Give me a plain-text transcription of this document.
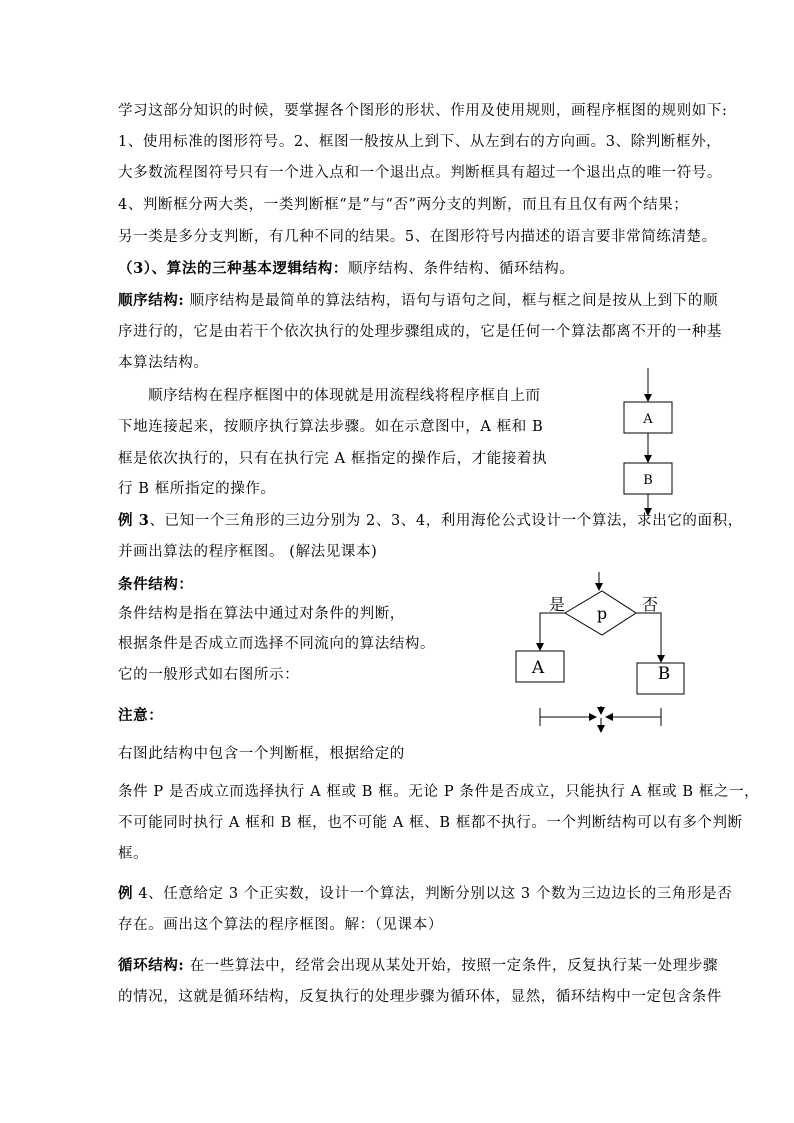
学习这部分知识的时候，要掌握各个图形的形状、作用及使用规则，画程序框图的规则如下:
1、使用标准的图形符号。2、框图一般按从上到下、从左到右的方向画。3、除判断框外，
大多数流程图符号只有一个进入点和一个退出点。判断框具有超过一个退出点的唯一符号。
4、判断框分两大类，一类判断框“是”与“否”两分支的判断，而且有且仅有两个结果；
另一类是多分支判断，有几种不同的结果。5、在图形符号内描述的语言要非常简练清楚。
（3）、算法的三种基本逻辑结构：顺序结构、条件结构、循环结构。
顺序结构: 顺序结构是最简单的算法结构，语句与语句之间，框与框之间是按从上到下的顺
序进行的，它是由若干个依次执行的处理步骤组成的，它是任何一个算法都离不开的一种基
本算法结构。
顺序结构在程序框图中的体现就是用流程线将程序框自上而
下地连接起来，按顺序执行算法步骤。如在示意图中，A 框和 B
框是依次执行的，只有在执行完 A 框指定的操作后，才能接着执
行 B 框所指定的操作。
A
B
例 3、已知一个三角形的三边分别为 2、3、4，利用海伦公式设计一个算法，求出它的面积，
并画出算法的程序框图。 (解法见课本)
条件结构：
条件结构是指在算法中通过对条件的判断，
根据条件是否成立而选择不同流向的算法结构。
它的一般形式如右图所示：
注意：
右图此结构中包含一个判断框，根据给定的
条件 P 是否成立而选择执行 A 框或 B 框。无论 P 条件是否成立，只能执行 A 框或 B 框之一，
不可能同时执行 A 框和 B 框，也不可能 A 框、B 框都不执行。一个判断结构可以有多个判断
框。
p
是	否
A	B
例 4、任意给定 3 个正实数，设计一个算法，判断分别以这 3 个数为三边边长的三角形是否
存在。画出这个算法的程序框图。解：（见课本）
循环结构: 在一些算法中，经常会出现从某处开始，按照一定条件，反复执行某一处理步骤
的情况，这就是循环结构，反复执行的处理步骤为循环体，显然，循环结构中一定包含条件
